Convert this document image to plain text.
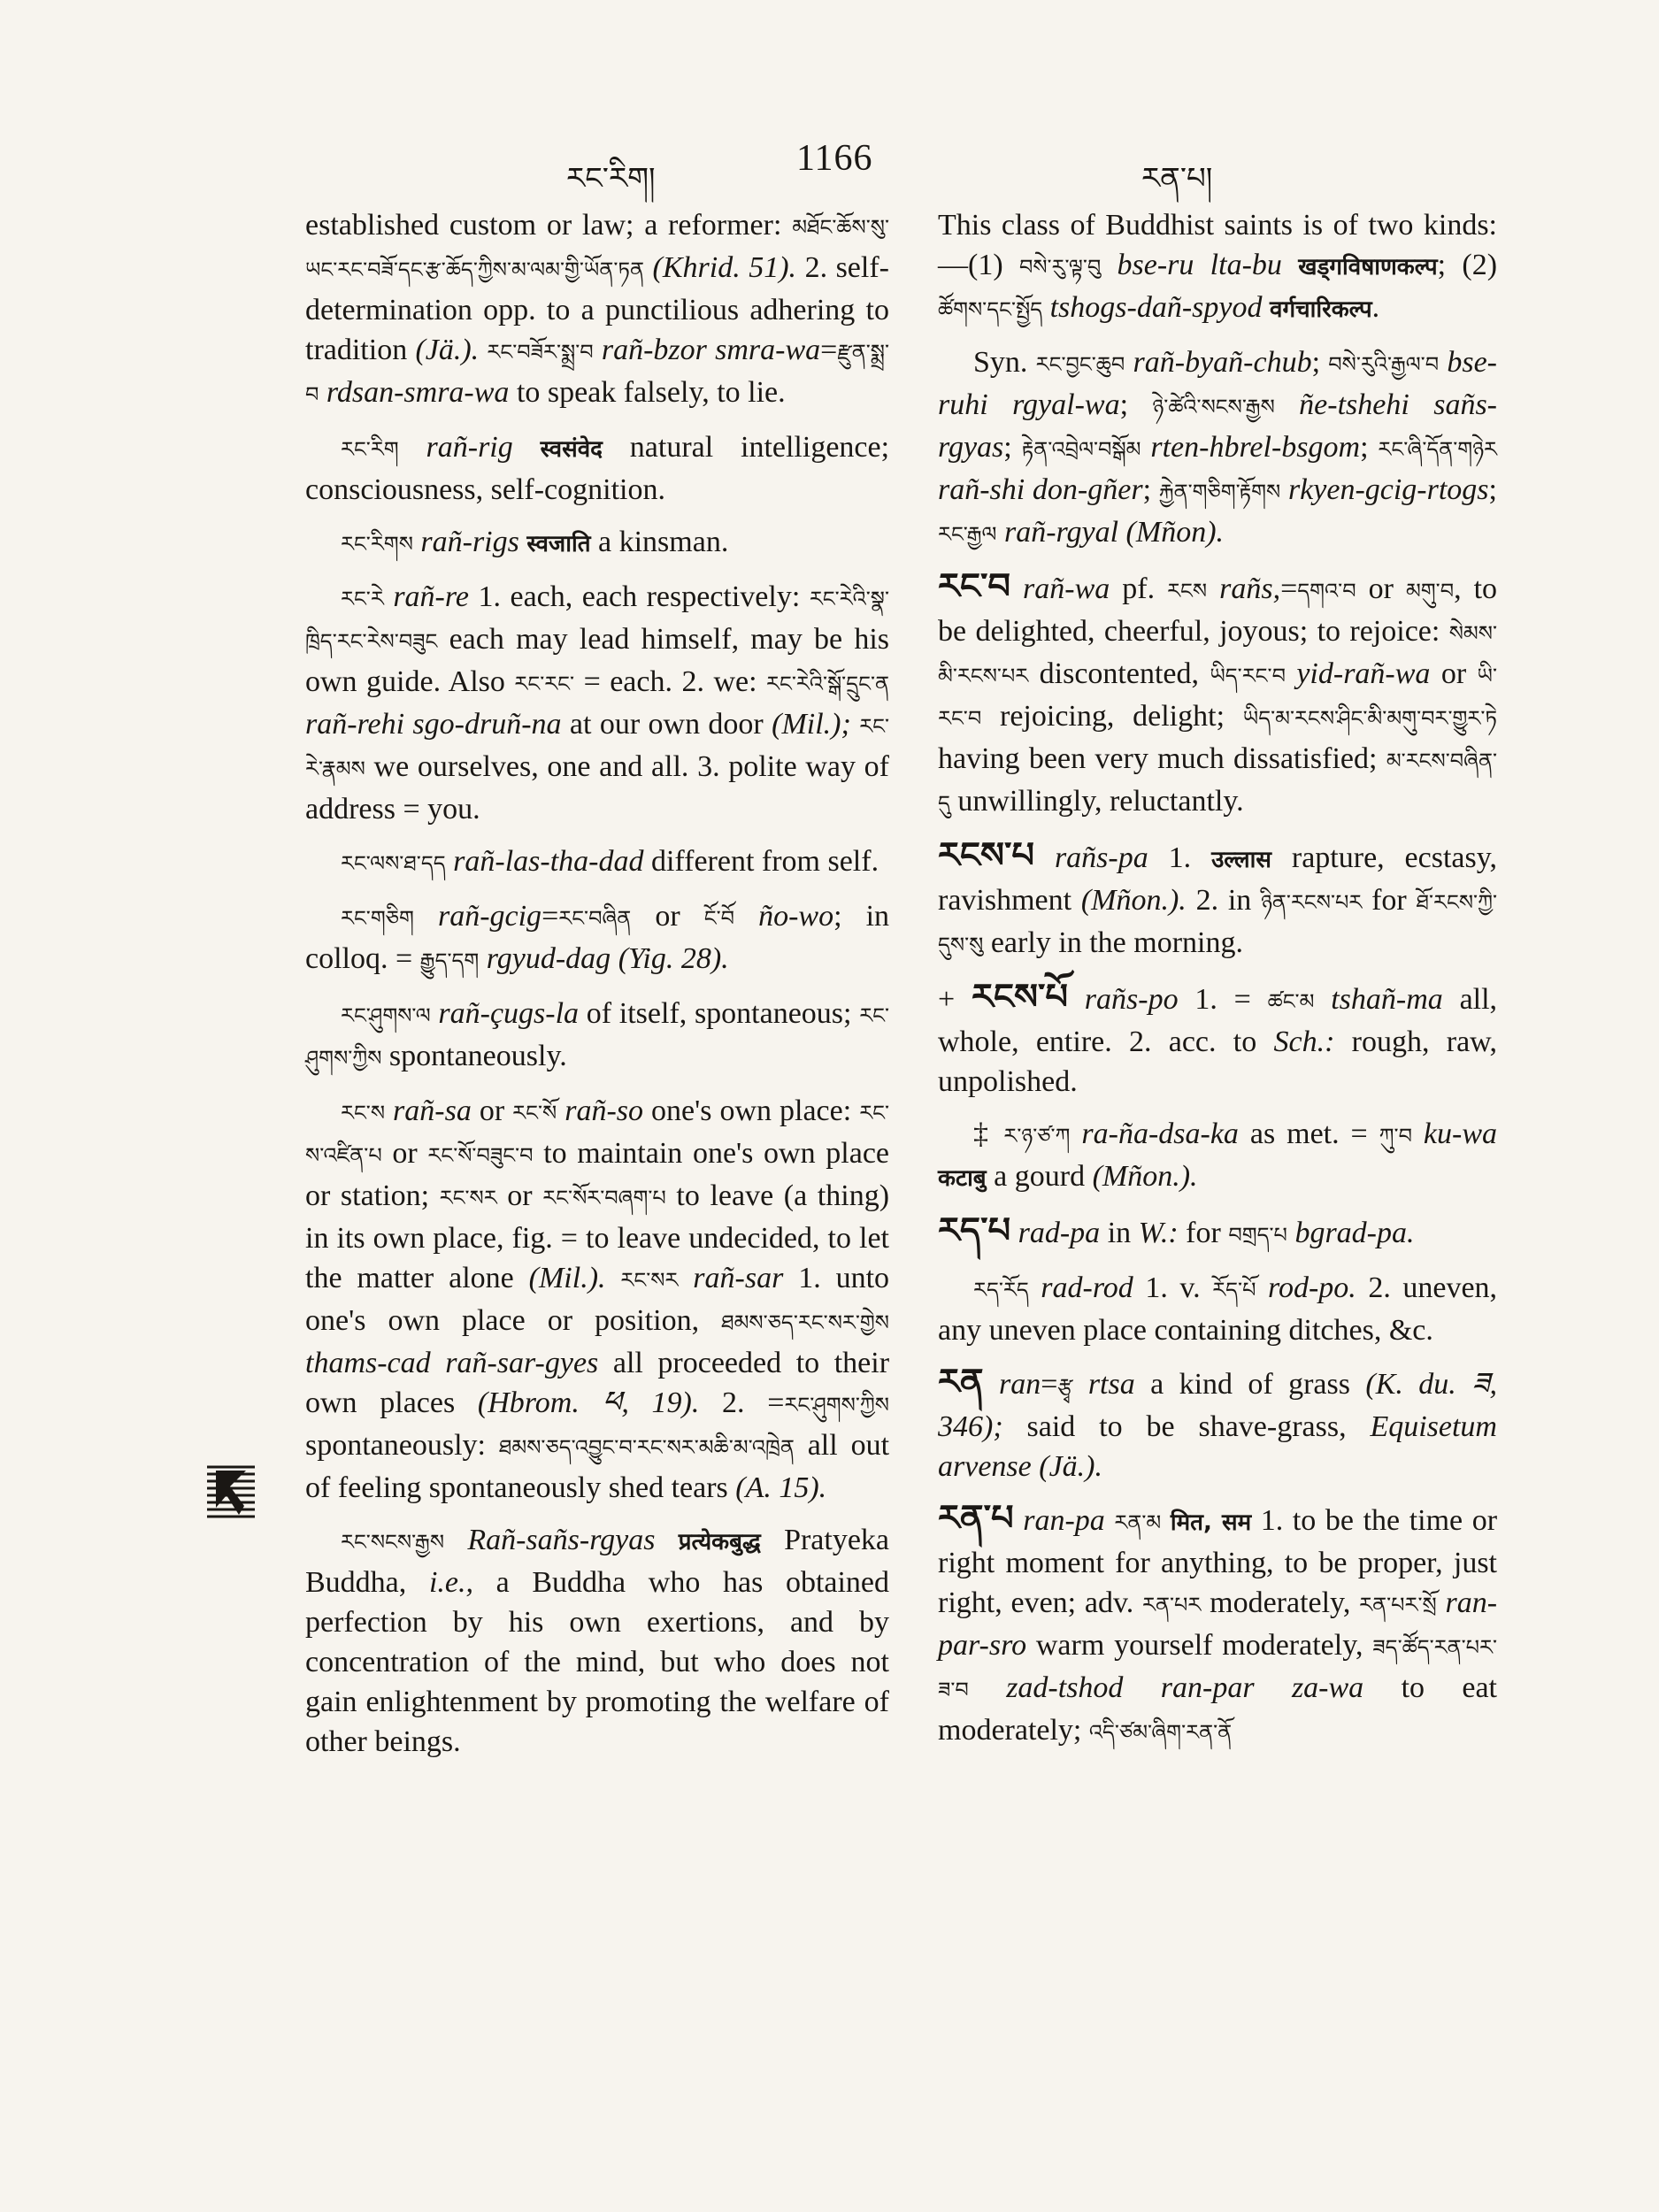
རང་རིག།	1166	རན་པ།

established custom or law; a reformer: མཐོང་ཆོས་སུ་ཡང་རང་བཟོ་དང་རྩ་ཆོད་ཀྱིས་མ་ལམ་གྱི་ཡོན་ཏན (Khrid. 51). 2. self-determination opp. to a punctilious adhering to tradition (Jä.). རང་བཟོར་སྨྲ་བ rañ-bzor smra-wa=རྫུན་སྨྲ་བ rdsan-smra-wa to speak falsely, to lie.

རང་རིག rañ-rig स्वसंवेद natural intelligence; consciousness, self-cognition.

རང་རིགས rañ-rigs स्वजाति a kinsman.

རང་རེ rañ-re 1. each, each respectively: རང་རེའི་སྣ་ཁྲིད་རང་རེས་བཟུང each may lead himself, may be his own guide. Also རང་རང་ = each. 2. we: རང་རེའི་སྒོ་དྲུང་ན rañ-rehi sgo-druñ-na at our own door (Mil.); རང་རེ་རྣམས we ourselves, one and all. 3. polite way of address = you.

རང་ལས་ཐ་དད rañ-las-tha-dad different from self.

རང་གཅིག rañ-gcig=རང་བཞིན or ངོ་བོ ño-wo; in colloq. = རྒྱུད་དག rgyud-dag (Yig. 28).

རང་ཤུགས་ལ rañ-çugs-la of itself, spontaneous; རང་ཤུགས་ཀྱིས spontaneously.

རང་ས rañ-sa or རང་སོ rañ-so one's own place: རང་ས་འཛིན་པ or རང་སོ་བཟུང་བ to maintain one's own place or station; རང་སར or རང་སོར་བཞག་པ to leave (a thing) in its own place, fig. = to leave undecided, to let the matter alone (Mil.). རང་སར rañ-sar 1. unto one's own place or position, ཐམས་ཅད་རང་སར་གྱེས thams-cad rañ-sar-gyes all proceeded to their own places (Hbrom. ཕ, 19). 2. =རང་ཤུགས་ཀྱིས spontaneously: ཐམས་ཅད་འབྱུང་བ་རང་སར་མཆི་མ་འཁྲེན all out of feeling spontaneously shed tears (A. 15).

རང་སངས་རྒྱས Rañ-sañs-rgyas प्रत्येकबुद्ध Pratyeka Buddha, i.e., a Buddha who has obtained perfection by his own exertions, and by concentration of the mind, but who does not gain enlightenment by promoting the welfare of other beings.

This class of Buddhist saints is of two kinds:—(1) བསེ་རུ་ལྟ་བུ bse-ru lta-bu खड्गविषाणकल्प; (2) ཚོགས་དང་སྤྱོད tshogs-dañ-spyod वर्गचारिकल्प.

Syn. རང་བྱང་ཆུབ rañ-byañ-chub; བསེ་རུའི་རྒྱལ་བ bse-ruhi rgyal-wa; ཉེ་ཚེའི་སངས་རྒྱས ñe-tshehi sañs-rgyas; རྟེན་འབྲེལ་བསྒོམ rten-hbrel-bsgom; རང་ཞི་དོན་གཉེར rañ-shi don-gñer; རྐྱེན་གཅིག་རྟོགས rkyen-gcig-rtogs; རང་རྒྱལ rañ-rgyal (Mñon).

རང་བ rañ-wa pf. རངས rañs,=དགའ་བ or མགུ་བ, to be delighted, cheerful, joyous; to rejoice: སེམས་མི་རངས་པར discontented, ཡིད་རང་བ yid-rañ-wa or ཡི་རང་བ rejoicing, delight; ཡིད་མ་རངས་ཤིང་མི་མགུ་བར་གྱུར་ཏེ having been very much dissatisfied; མ་རངས་བཞིན་དུ unwillingly, reluctantly.

རངས་པ rañs-pa 1. उल्लास rapture, ecstasy, ravishment (Mñon.). 2. in ཉིན་རངས་པར for ཐོ་རངས་ཀྱི་དུས་སུ early in the morning.

+ རངས་པོ rañs-po 1. = ཚང་མ tshañ-ma all, whole, entire. 2. acc. to Sch.: rough, raw, unpolished.

‡ ར་ཉ་ཙ་ཀ ra-ña-dsa-ka as met. = ཀུ་བ ku-wa कटाबु a gourd (Mñon.).

རད་པ rad-pa in W.: for བགྲད་པ bgrad-pa.

རད་རོད rad-rod 1. v. རོད་པོ rod-po. 2. uneven, any uneven place containing ditches, &c.

རན ran=རྩྭ rtsa a kind of grass (K. du. ཟ, 346); said to be shave-grass, Equisetum arvense (Jä.).

རན་པ ran-pa རན་མ मित, सम 1. to be the time or right moment for anything, to be proper, just right, even; adv. རན་པར moderately, རན་པར་སྲོ ran-par-sro warm yourself moderately, ཟད་ཚོད་རན་པར་ཟ་བ zad-tshod ran-par za-wa to eat moderately; འདི་ཙམ་ཞིག་རན་ནོ
